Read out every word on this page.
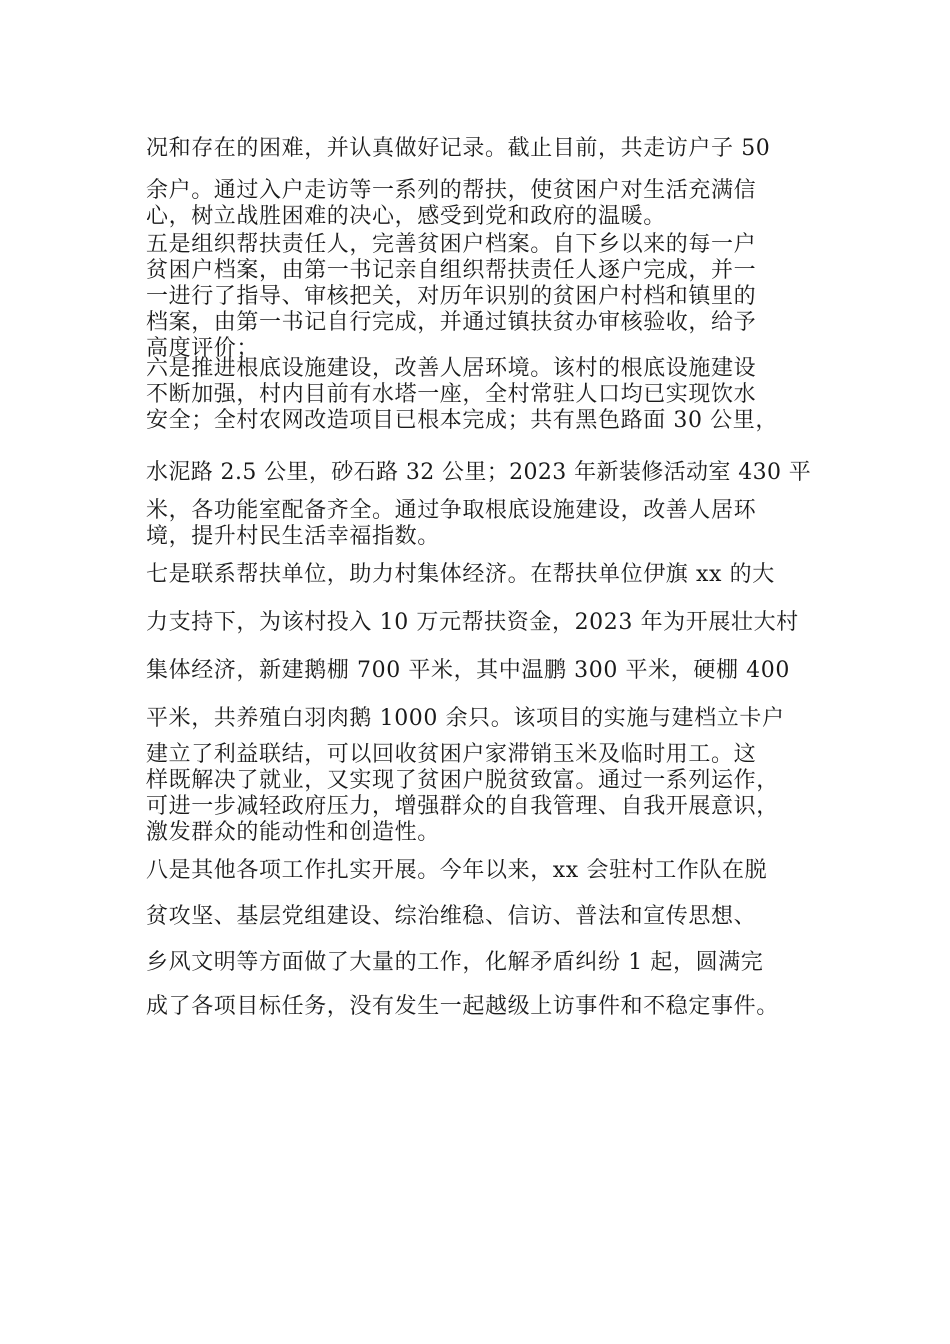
况和存在的困难，并认真做好记录。截止目前，共走访户子 50
余户。通过入户走访等一系列的帮扶，使贫困户对生活充满信
心，树立战胜困难的决心，感受到党和政府的温暖。
五是组织帮扶责任人，完善贫困户档案。自下乡以来的每一户
贫困户档案，由第一书记亲自组织帮扶责任人逐户完成，并一
一进行了指导、审核把关，对历年识别的贫困户村档和镇里的
档案，由第一书记自行完成，并通过镇扶贫办审核验收，给予
高度评价；
六是推进根底设施建设，改善人居环境。该村的根底设施建设
不断加强，村内目前有水塔一座，全村常驻人口均已实现饮水
安全；全村农网改造项目已根本完成；共有黑色路面 30 公里，
水泥路 2.5 公里，砂石路 32 公里；2023 年新装修活动室 430 平
米，各功能室配备齐全。通过争取根底设施建设，改善人居环
境，提升村民生活幸福指数。
七是联系帮扶单位，助力村集体经济。在帮扶单位伊旗 xx 的大
力支持下，为该村投入 10 万元帮扶资金，2023 年为开展壮大村
集体经济，新建鹅棚 700 平米，其中温鹏 300 平米，硬棚 400
平米，共养殖白羽肉鹅 1000 余只。该项目的实施与建档立卡户
建立了利益联结，可以回收贫困户家滞销玉米及临时用工。这
样既解决了就业，又实现了贫困户脱贫致富。通过一系列运作，
可进一步减轻政府压力，增强群众的自我管理、自我开展意识，
激发群众的能动性和创造性。
八是其他各项工作扎实开展。今年以来，xx 会驻村工作队在脱
贫攻坚、基层党组建设、综治维稳、信访、普法和宣传思想、
乡风文明等方面做了大量的工作，化解矛盾纠纷 1 起，圆满完
成了各项目标任务，没有发生一起越级上访事件和不稳定事件。
